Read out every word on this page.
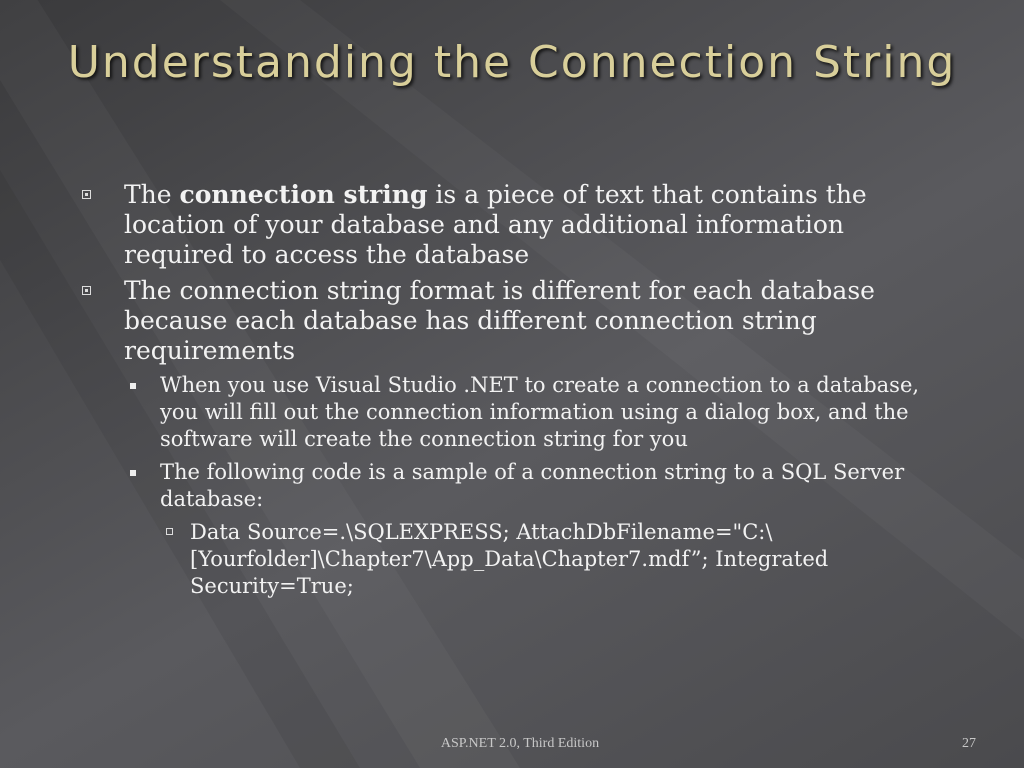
Understanding the Connection String
The connection string is a piece of text that contains the location of your database and any additional information required to access the database
The connection string format is different for each database because each database has different connection string requirements
When you use Visual Studio .NET to create a connection to a database, you will fill out the connection information using a dialog box, and the software will create the connection string for you
The following code is a sample of a connection string to a SQL Server database:
Data Source=.\SQLEXPRESS; AttachDbFilename="C:\[Yourfolder]\Chapter7\App_Data\Chapter7.mdf”; Integrated Security=True;
ASP.NET 2.0, Third Edition	27
